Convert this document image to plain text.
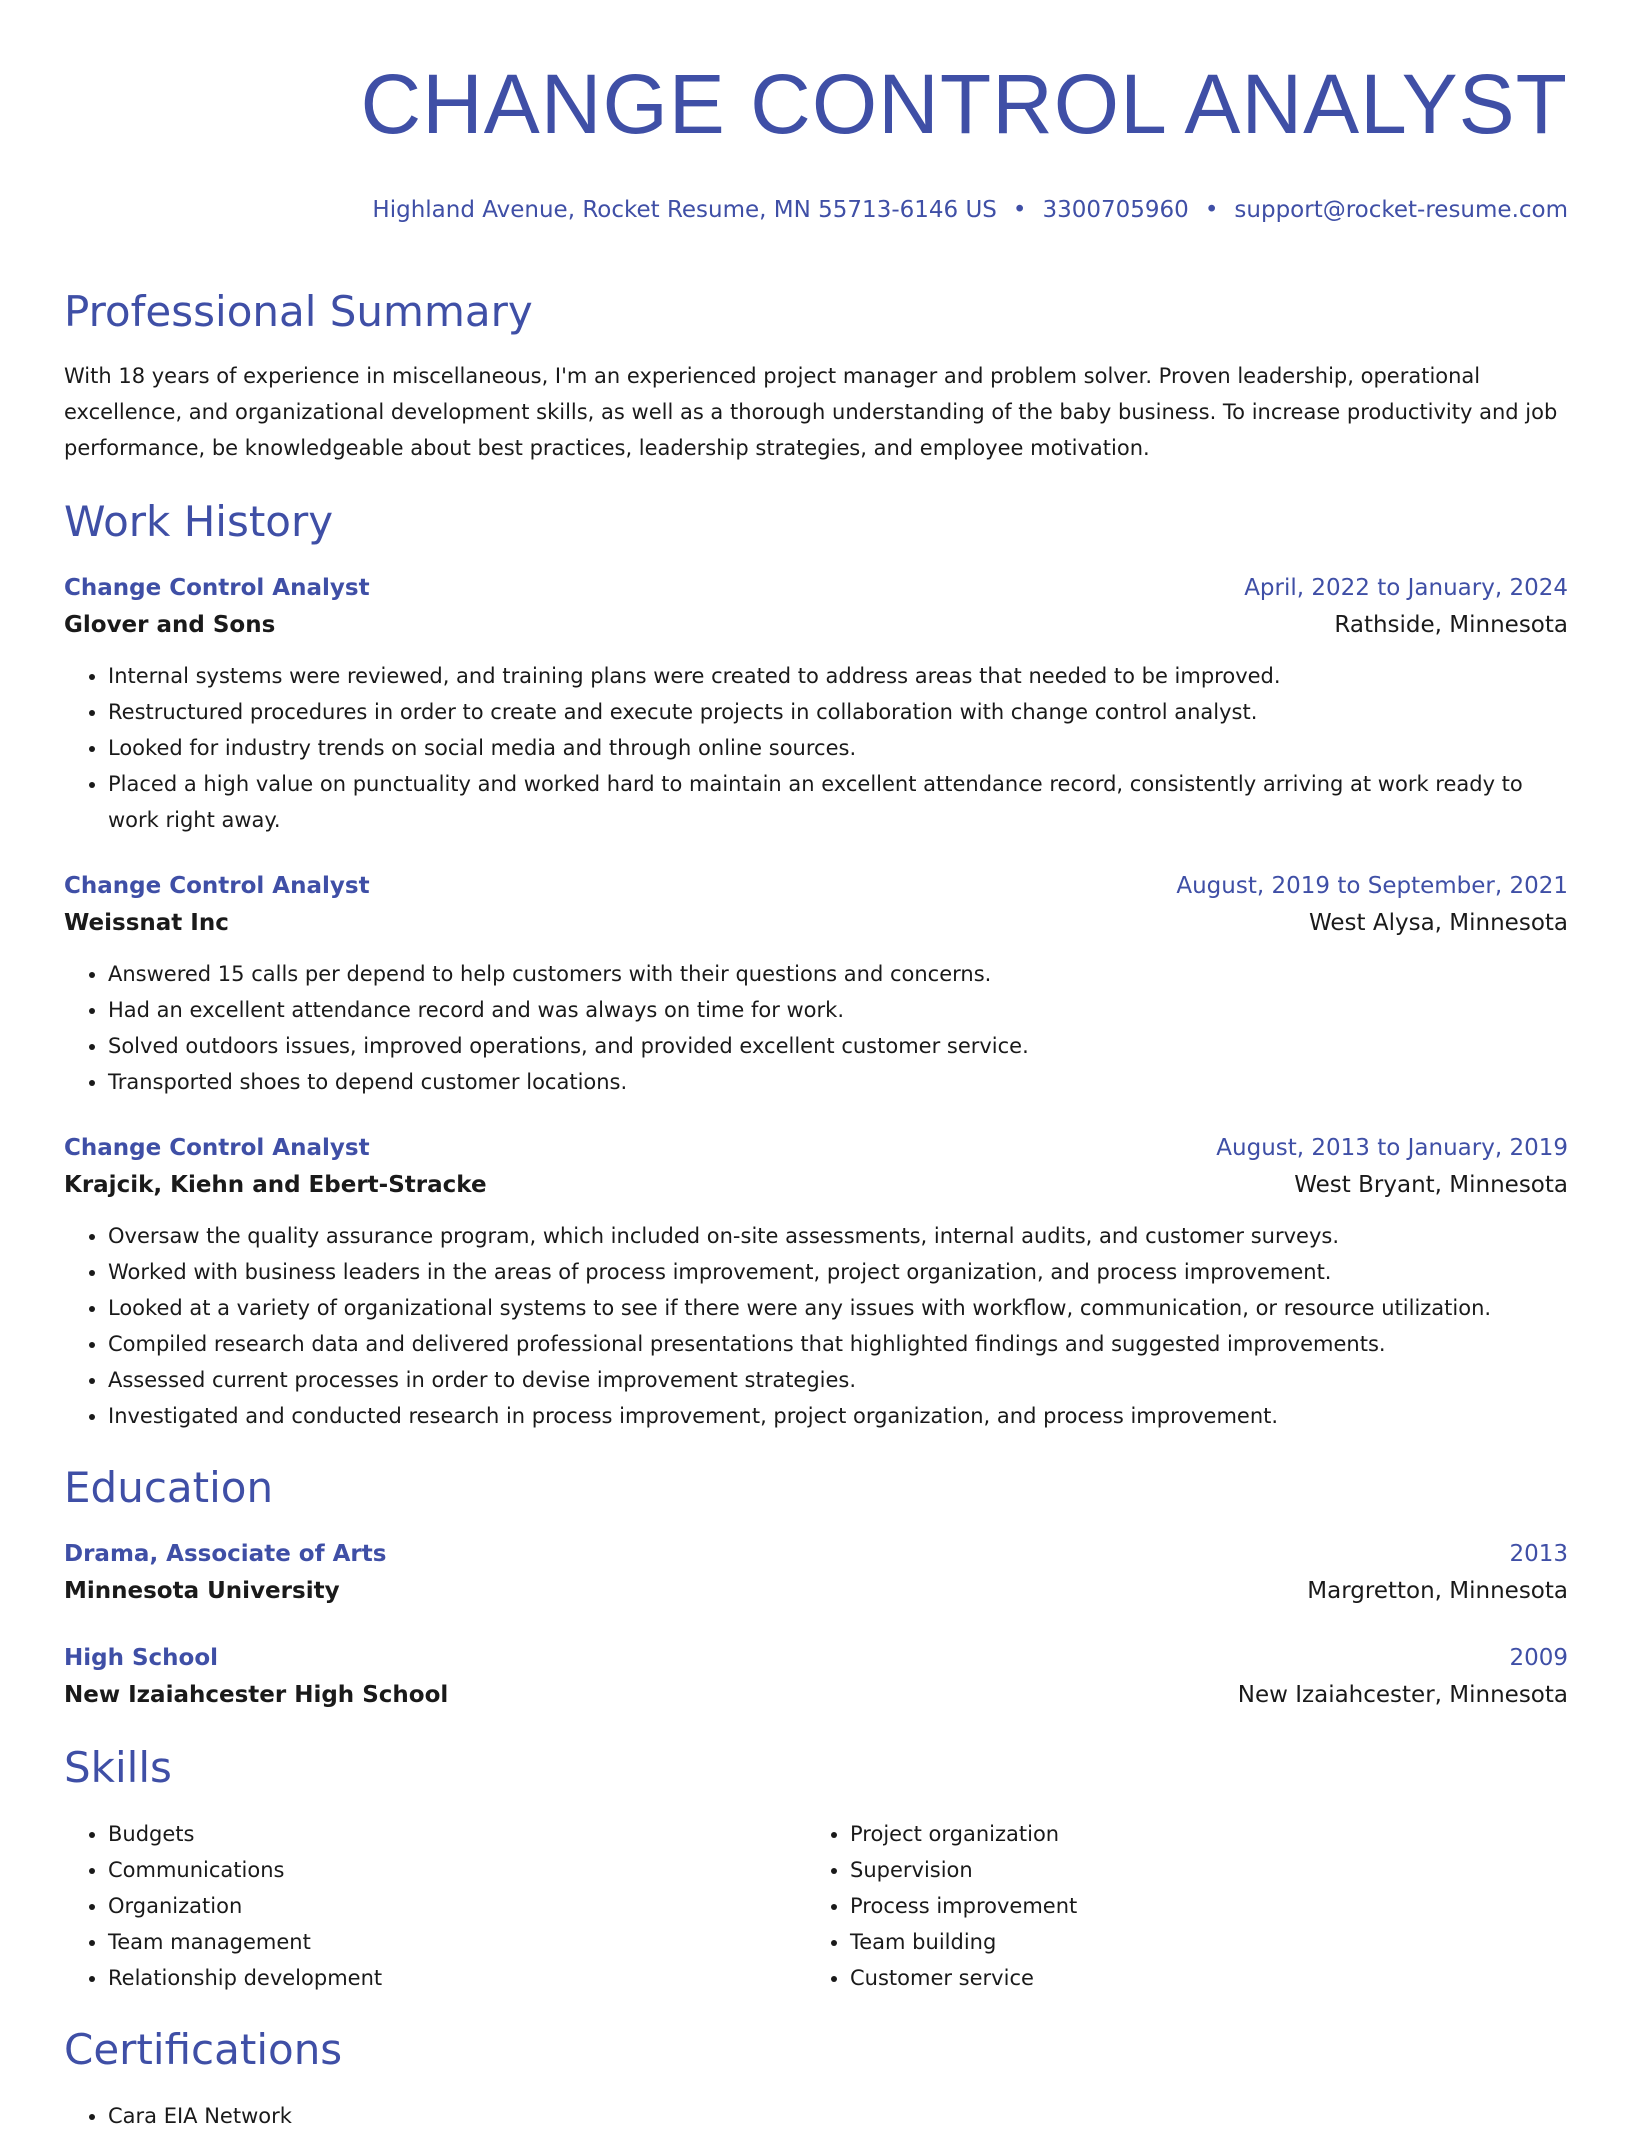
CHANGE CONTROL ANALYST
Highland Avenue, Rocket Resume, MN 55713-6146 US • 3300705960 • support@rocket-resume.com
Professional Summary
With 18 years of experience in miscellaneous, I'm an experienced project manager and problem solver. Proven leadership, operational excellence, and organizational development skills, as well as a thorough understanding of the baby business. To increase productivity and job performance, be knowledgeable about best practices, leadership strategies, and employee motivation.
Work History
Change Control Analyst	April, 2022 to January, 2024
Glover and Sons	Rathside, Minnesota
• Internal systems were reviewed, and training plans were created to address areas that needed to be improved.
• Restructured procedures in order to create and execute projects in collaboration with change control analyst.
• Looked for industry trends on social media and through online sources.
• Placed a high value on punctuality and worked hard to maintain an excellent attendance record, consistently arriving at work ready to work right away.
Change Control Analyst	August, 2019 to September, 2021
Weissnat Inc	West Alysa, Minnesota
• Answered 15 calls per depend to help customers with their questions and concerns.
• Had an excellent attendance record and was always on time for work.
• Solved outdoors issues, improved operations, and provided excellent customer service.
• Transported shoes to depend customer locations.
Change Control Analyst	August, 2013 to January, 2019
Krajcik, Kiehn and Ebert-Stracke	West Bryant, Minnesota
• Oversaw the quality assurance program, which included on-site assessments, internal audits, and customer surveys.
• Worked with business leaders in the areas of process improvement, project organization, and process improvement.
• Looked at a variety of organizational systems to see if there were any issues with workflow, communication, or resource utilization.
• Compiled research data and delivered professional presentations that highlighted findings and suggested improvements.
• Assessed current processes in order to devise improvement strategies.
• Investigated and conducted research in process improvement, project organization, and process improvement.
Education
Drama, Associate of Arts	2013
Minnesota University	Margretton, Minnesota
High School	2009
New Izaiahcester High School	New Izaiahcester, Minnesota
Skills
• Budgets
• Communications
• Organization
• Team management
• Relationship development
• Project organization
• Supervision
• Process improvement
• Team building
• Customer service
Certifications
• Cara EIA Network
